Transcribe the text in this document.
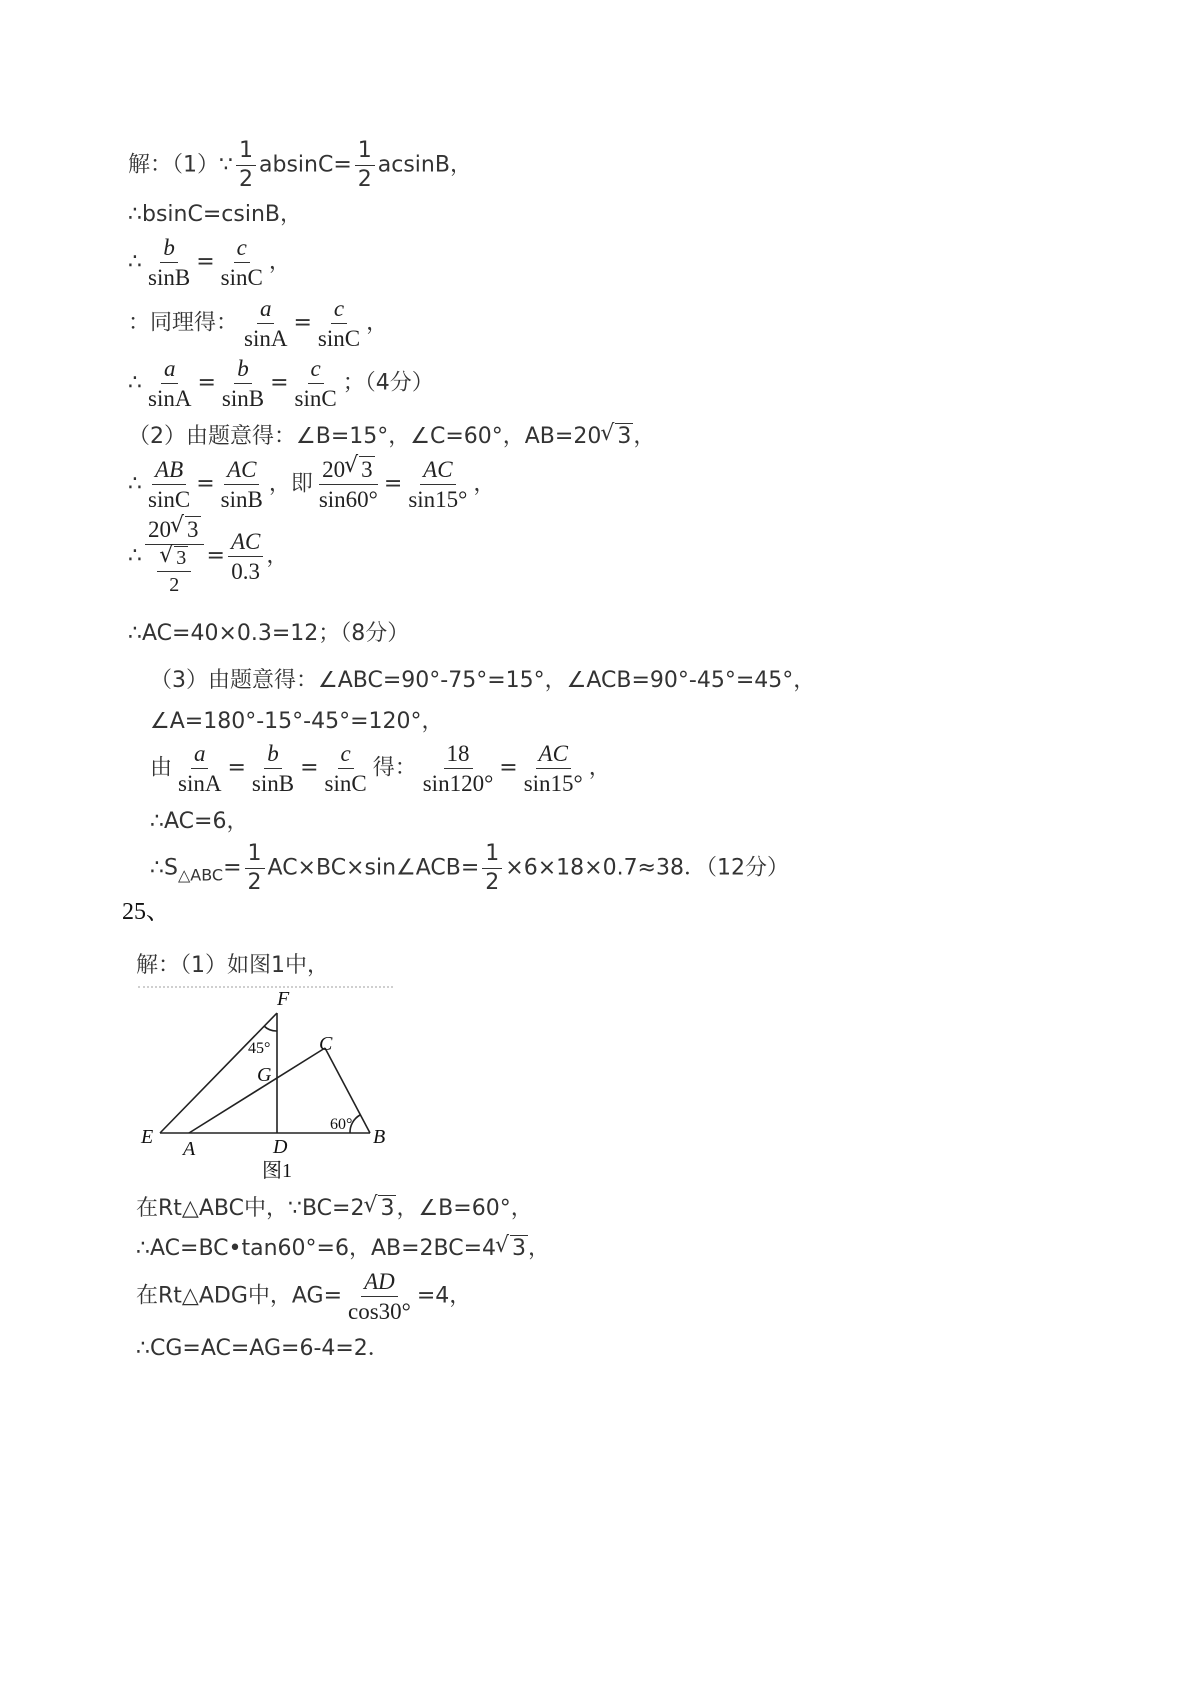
解：（1）∵ $\frac{1}{2} absinC= \frac{1}{2}$ acsinB，
∴bsinC=csinB，
∴ $\frac{b}{\sin B} = \frac{c}{\sin C}$ ，
：同理得： $\frac{a}{\sin A} = \frac{c}{\sin C}$ ，
∴ $\frac{a}{\sin A} = \frac{b}{\sin B} = \frac{c}{\sin C}$ ；（4分）
（2）由题意得：∠B=15°，∠C=60°，AB=20 √ 3，
∴ $\frac{AB}{\sin C} = \frac{AC}{\sin B}$ ，即 $\frac{20 √ 3}{\sin 60^\circ} = \frac{AC}{\sin 15^\circ}$ ，
∴ 20 √ 3
√ $\frac{3}{2} = \frac{AC}{0.3}$ ，
∴AC=40×0.3=12；（8分）
（3）由题意得：∠ABC=90°-75°=15°，∠ACB=90°-45°=45°，
∠A=180°-15°-45°=120°，
由 $\frac{a}{\sin A} = \frac{b}{\sin B} = \frac{c}{\sin C}$ 得： $\frac{18}{\sin 120^\circ} = \frac{AC}{\sin 15^\circ}$ ，
∴AC=6，
$\therefore S_{\triangle ABC}= \frac{1}{2}$ AC×BC×sin∠ACB= $\frac{1}{2} \times 6\times 18\times 0.7\approx 38$．（12分）
25、
解：（1）如图1中，
F
C
G
E
A	D	B
45°
60°
图1
在Rt△ABC中，∵BC=2 √ 3，∠B=60°，
∴AC=BC•tan60°=6，AB=2BC=4 √ 3，
在Rt△ADG中，$AG= \frac{AD}{\cos 30^\circ} =4$，
∴CG=AC=AG=6-4=2．
